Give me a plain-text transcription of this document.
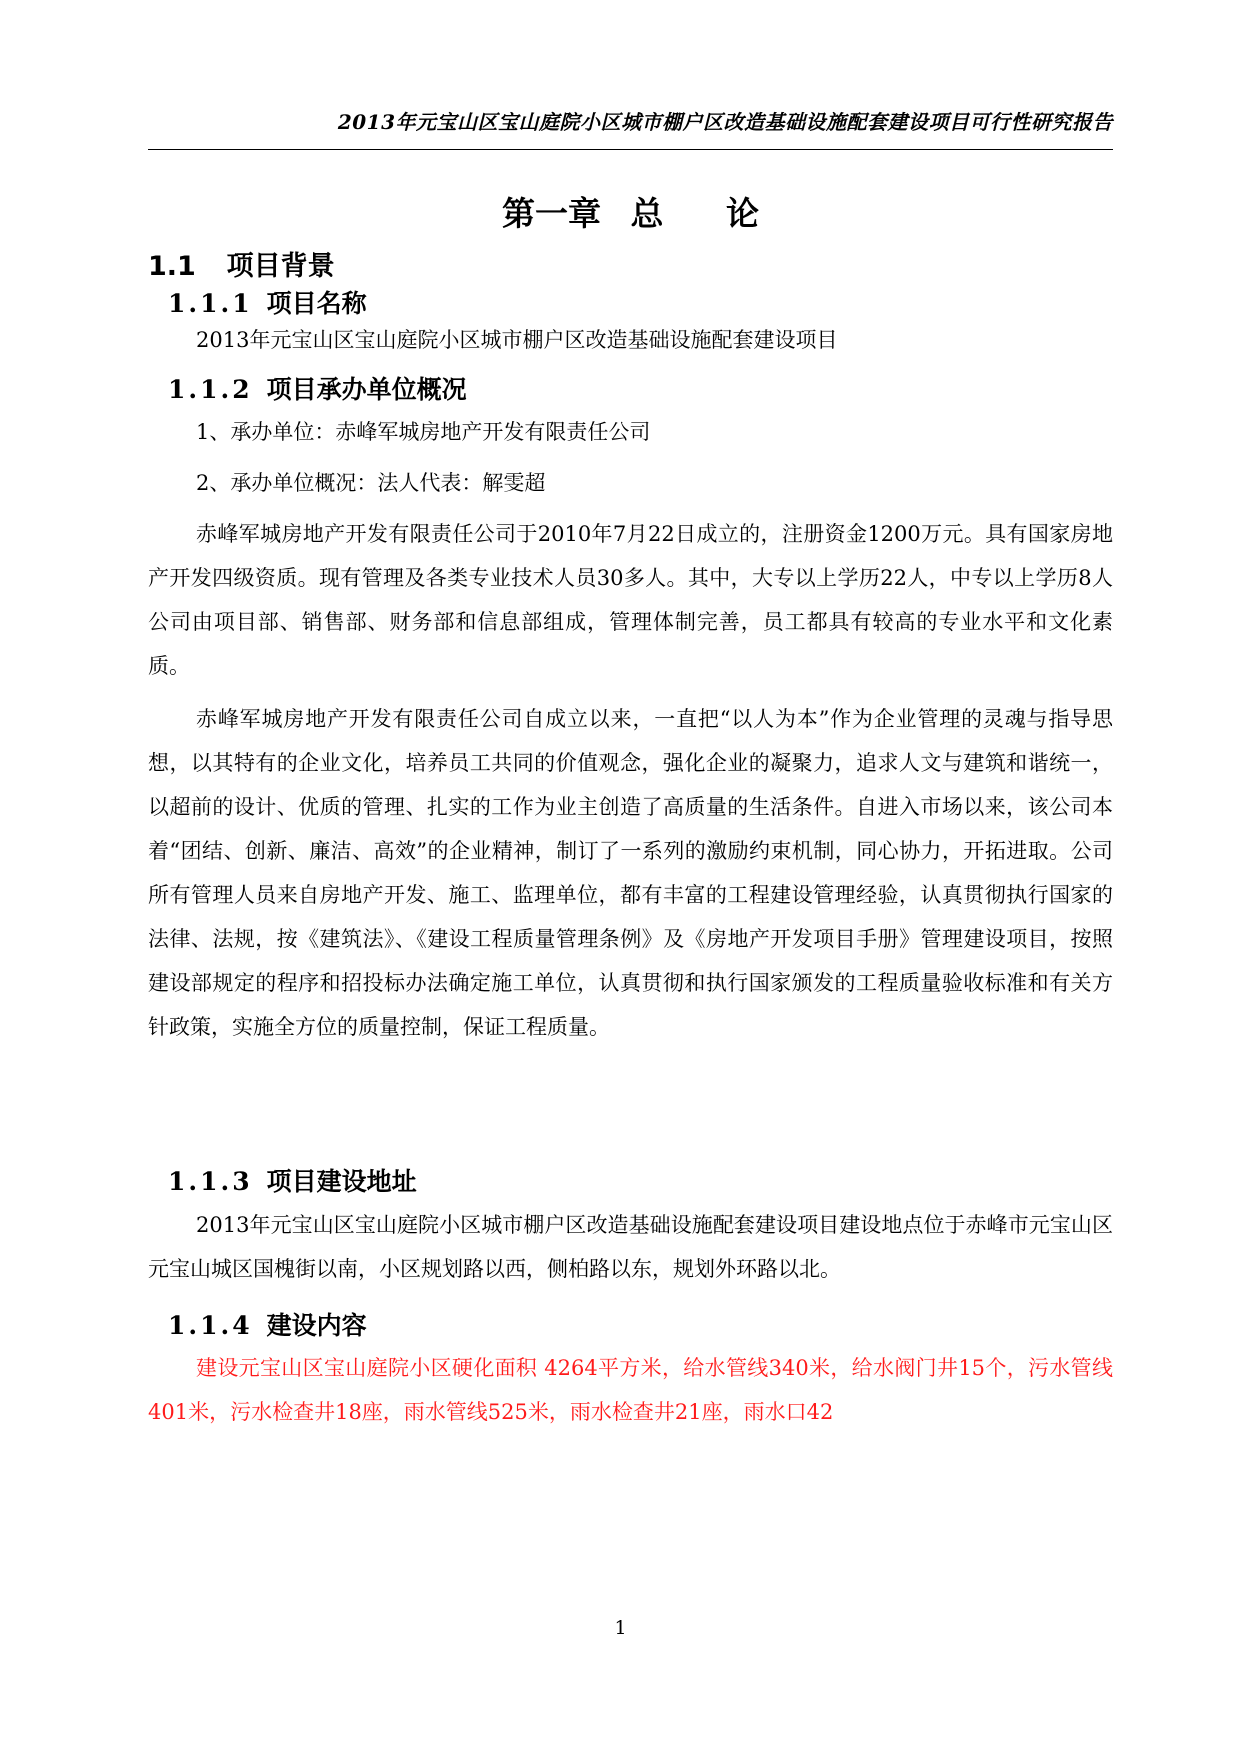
2013年元宝山区宝山庭院小区城市棚户区改造基础设施配套建设项目可行性研究报告
第一章 总　 论
1.1 项目背景
1.1.1 项目名称
2013年元宝山区宝山庭院小区城市棚户区改造基础设施配套建设项目
1.1.2 项目承办单位概况
1、承办单位：赤峰军城房地产开发有限责任公司
2、承办单位概况：法人代表：解雯超
赤峰军城房地产开发有限责任公司于2010年7月22日成立的，注册资金1200万元。具有国家房地产开发四级资质。现有管理及各类专业技术人员30多人。其中，大专以上学历22人，中专以上学历8人公司由项目部、销售部、财务部和信息部组成，管理体制完善，员工都具有较高的专业水平和文化素质。
赤峰军城房地产开发有限责任公司自成立以来，一直把“以人为本”作为企业管理的灵魂与指导思想，以其特有的企业文化，培养员工共同的价值观念，强化企业的凝聚力，追求人文与建筑和谐统一，以超前的设计、优质的管理、扎实的工作为业主创造了高质量的生活条件。自进入市场以来，该公司本着“团结、创新、廉洁、高效”的企业精神，制订了一系列的激励约束机制，同心协力，开拓进取。公司所有管理人员来自房地产开发、施工、监理单位，都有丰富的工程建设管理经验，认真贯彻执行国家的法律、法规，按《建筑法》、《建设工程质量管理条例》及《房地产开发项目手册》管理建设项目，按照建设部规定的程序和招投标办法确定施工单位，认真贯彻和执行国家颁发的工程质量验收标准和有关方针政策，实施全方位的质量控制，保证工程质量。
1.1.3 项目建设地址
2013年元宝山区宝山庭院小区城市棚户区改造基础设施配套建设项目建设地点位于赤峰市元宝山区元宝山城区国槐街以南，小区规划路以西，侧柏路以东，规划外环路以北。
1.1.4 建设内容
建设元宝山区宝山庭院小区硬化面积 4264平方米，给水管线340米，给水阀门井15个，污水管线401米，污水检查井18座，雨水管线525米，雨水检查井21座，雨水口42
1
